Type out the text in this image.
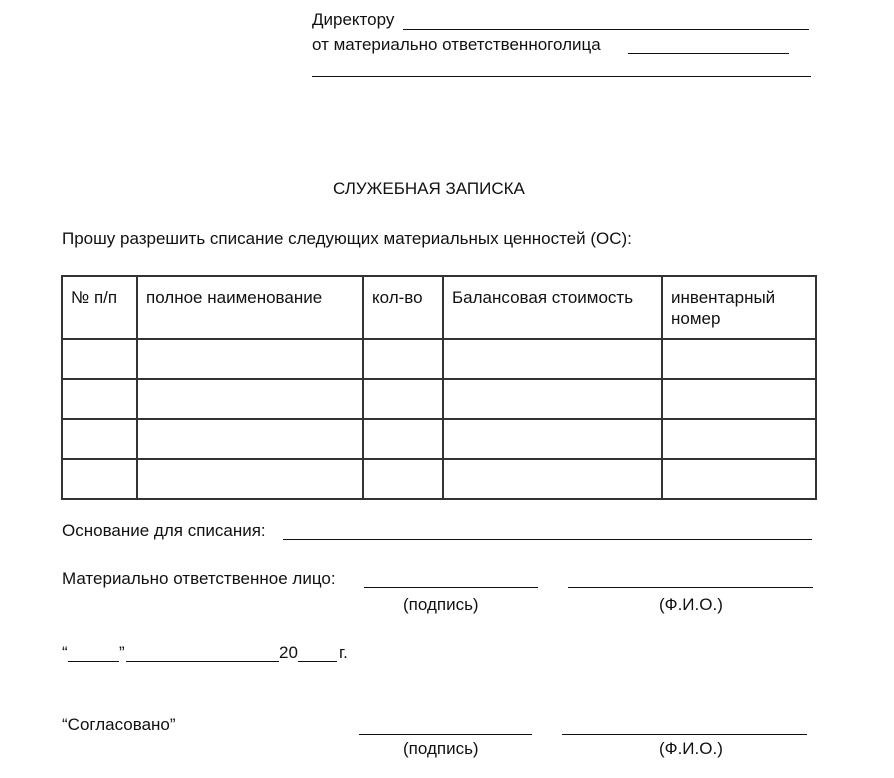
Директору
от материально ответственноголица
СЛУЖЕБНАЯ ЗАПИСКА
Прошу разрешить списание следующих материальных ценностей (ОС):
№ п/п	полное наименование	кол-во	Балансовая стоимость	инвентарный номер

Основание для списания:
Материально ответственное лицо:
(подпись)	(Ф.И.О.)
“	”	20 г.
“Согласовано”
(подпись)	(Ф.И.О.)
